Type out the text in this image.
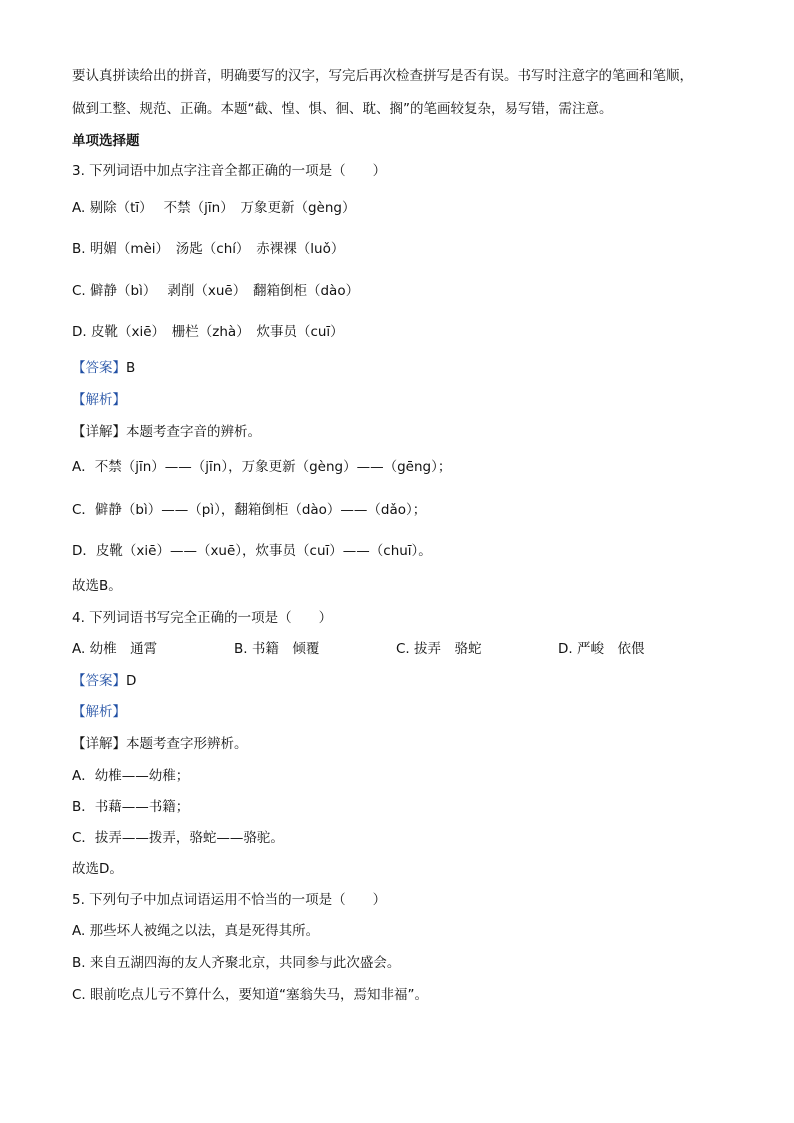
要认真拼读给出的拼音，明确要写的汉字，写完后再次检查拼写是否有误。书写时注意字的笔画和笔顺，
做到工整、规范、正确。本题“截、惶、惧、徊、耽、搁”的笔画较复杂，易写错，需注意。
单项选择题
3. 下列词语中加点字注音全都正确的一项是（　　）
A. 剔除（tī）　 不禁（jīn）　万象更新（gèng）
B. 明媚（mèi）　汤匙（chí）　赤裸裸（luǒ）
C. 僻静（bì）　 剥削（xuē）　翻箱倒柜（dào）
D. 皮靴（xiē）　栅栏（zhà）　炊事员（cuī）
【答案】B
【解析】
【详解】本题考查字音的辨析。
A．不禁（jīn）——（jīn），万象更新（gèng）——（gēng）；
C．僻静（bì）——（pì），翻箱倒柜（dào）——（dǎo）；
D．皮靴（xiē）——（xuē），炊事员（cuī）——（chuī）。
故选B。
4. 下列词语书写完全正确的一项是（　　）
A. 幼椎　通霄	B. 书籍　倾覆	C. 拔弄　骆蛇	D. 严峻　依偎
【答案】D
【解析】
【详解】本题考查字形辨析。
A．幼椎——幼稚；
B．书藉——书籍；
C．拔弄——拨弄，骆蛇——骆驼。
故选D。
5. 下列句子中加点词语运用不恰当的一项是（　　）
A. 那些坏人被绳之以法，真是死得其所。
B. 来自五湖四海的友人齐聚北京，共同参与此次盛会。
C. 眼前吃点儿亏不算什么，要知道“塞翁失马，焉知非福”。
